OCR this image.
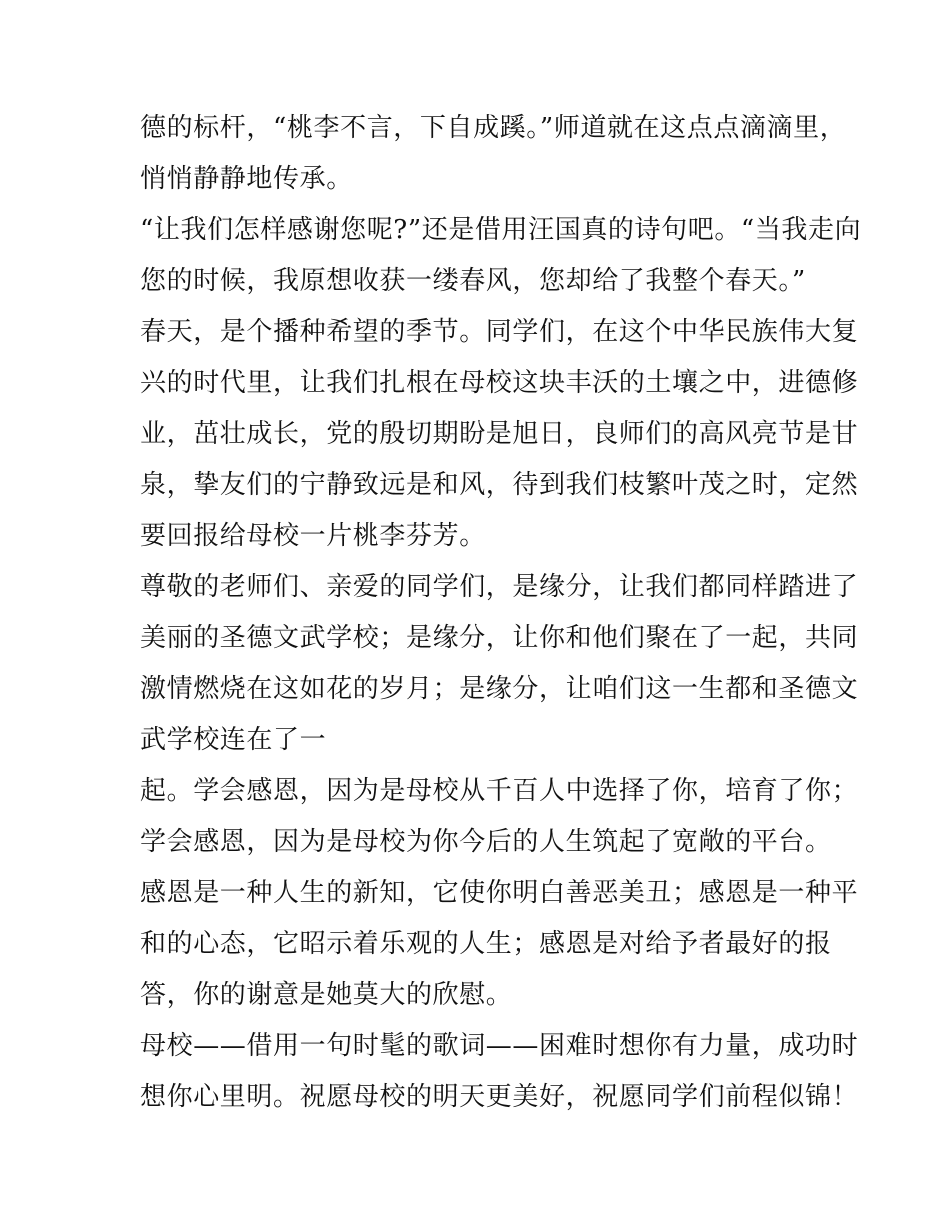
德的标杆，“桃李不言，下自成蹊。”师道就在这点点滴滴里，
悄悄静静地传承。
“让我们怎样感谢您呢?”还是借用汪国真的诗句吧。“当我走向
您的时候，我原想收获一缕春风，您却给了我整个春天。”
春天，是个播种希望的季节。同学们，在这个中华民族伟大复
兴的时代里，让我们扎根在母校这块丰沃的土壤之中，进德修
业，茁壮成长，党的殷切期盼是旭日，良师们的高风亮节是甘
泉，挚友们的宁静致远是和风，待到我们枝繁叶茂之时，定然
要回报给母校一片桃李芬芳。
尊敬的老师们、亲爱的同学们，是缘分，让我们都同样踏进了
美丽的圣德文武学校；是缘分，让你和他们聚在了一起，共同
激情燃烧在这如花的岁月；是缘分，让咱们这一生都和圣德文
武学校连在了一
起。学会感恩，因为是母校从千百人中选择了你，培育了你；
学会感恩，因为是母校为你今后的人生筑起了宽敞的平台。
感恩是一种人生的新知，它使你明白善恶美丑；感恩是一种平
和的心态，它昭示着乐观的人生；感恩是对给予者最好的报
答，你的谢意是她莫大的欣慰。
母校——借用一句时髦的歌词——困难时想你有力量，成功时
想你心里明。祝愿母校的明天更美好，祝愿同学们前程似锦！
